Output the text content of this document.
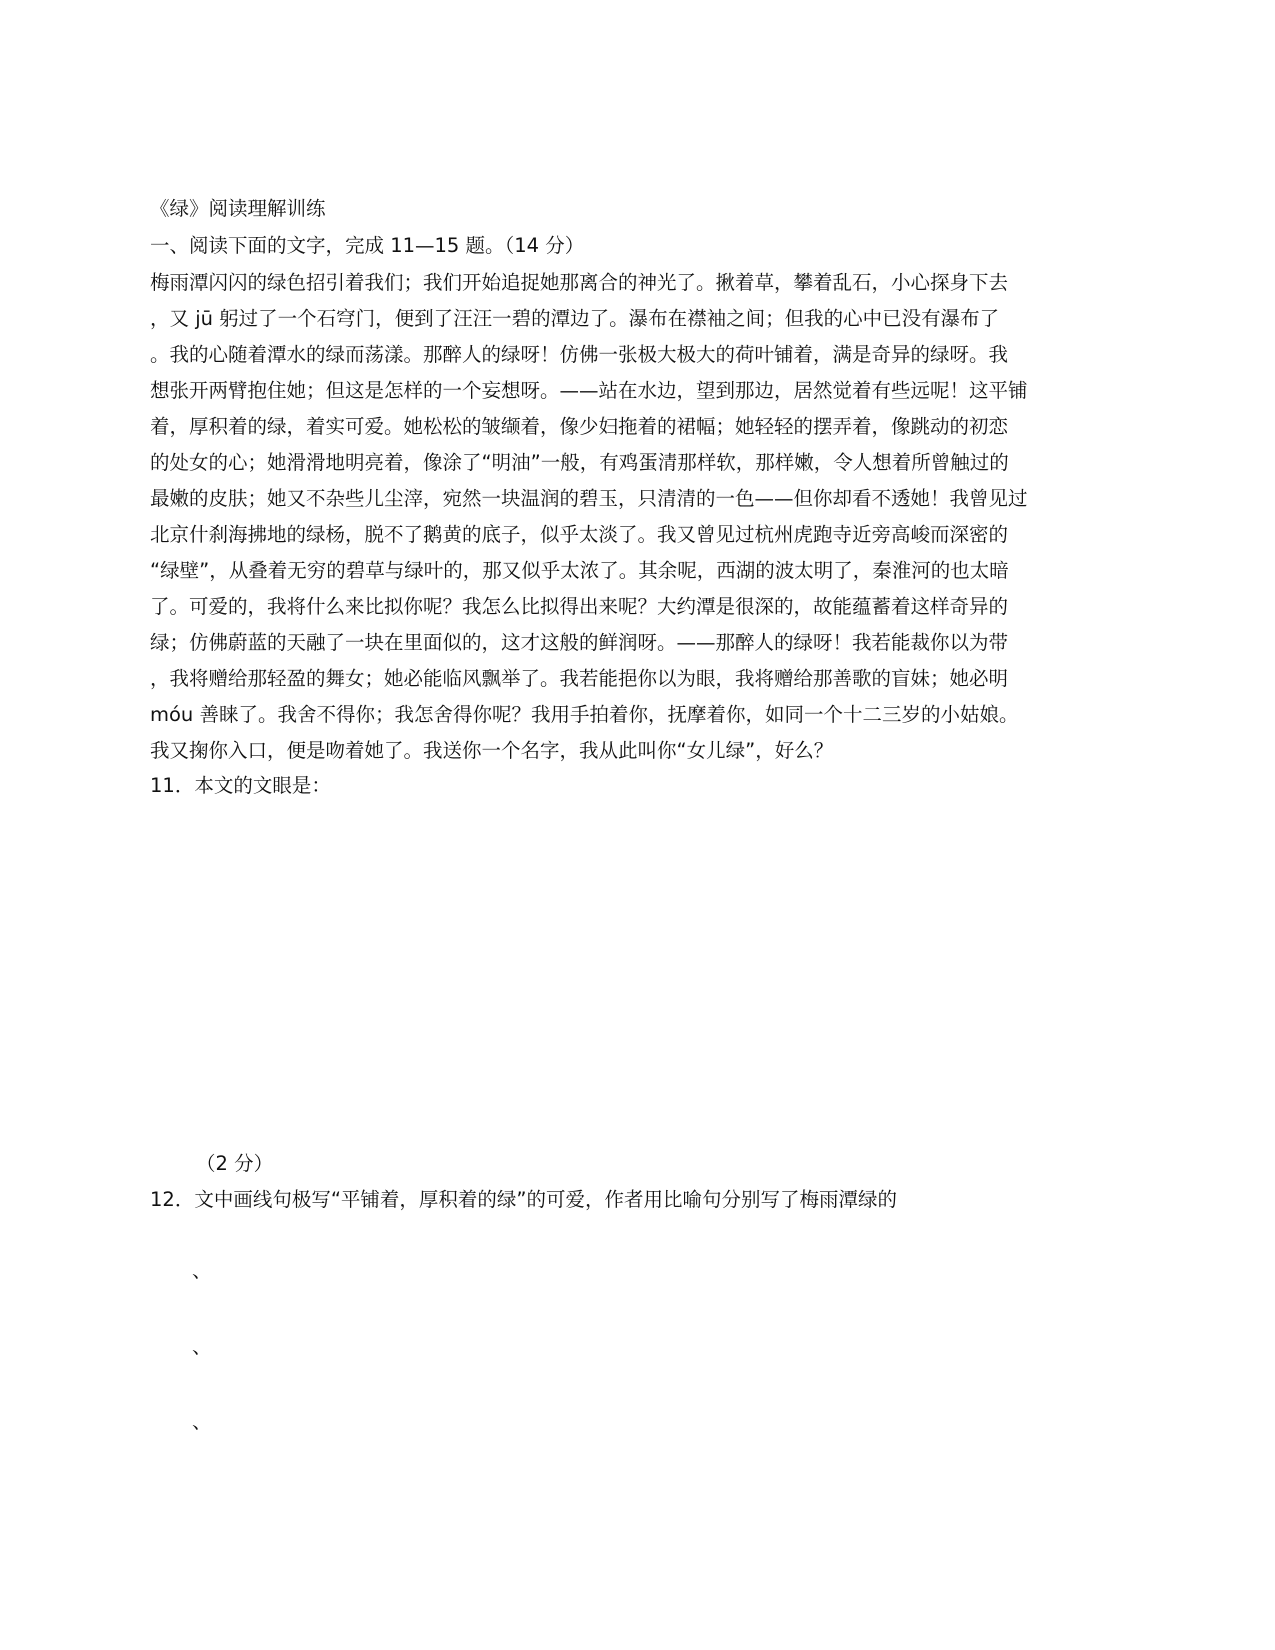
《绿》阅读理解训练
一、阅读下面的文字，完成 11—15 题。（14 分）
梅雨潭闪闪的绿色招引着我们；我们开始追捉她那离合的神光了。揪着草，攀着乱石，小心探身下去
，又 jū 躬过了一个石穹门，便到了汪汪一碧的潭边了。瀑布在襟袖之间；但我的心中已没有瀑布了
。我的心随着潭水的绿而荡漾。那醉人的绿呀！仿佛一张极大极大的荷叶铺着，满是奇异的绿呀。我
想张开两臂抱住她；但这是怎样的一个妄想呀。——站在水边，望到那边，居然觉着有些远呢！这平铺
着，厚积着的绿，着实可爱。她松松的皱缬着，像少妇拖着的裙幅；她轻轻的摆弄着，像跳动的初恋
的处女的心；她滑滑地明亮着，像涂了“明油”一般，有鸡蛋清那样软，那样嫩，令人想着所曾触过的
最嫩的皮肤；她又不杂些儿尘滓，宛然一块温润的碧玉，只清清的一色——但你却看不透她！我曾见过
北京什刹海拂地的绿杨，脱不了鹅黄的底子，似乎太淡了。我又曾见过杭州虎跑寺近旁高峻而深密的
“绿壁”，从叠着无穷的碧草与绿叶的，那又似乎太浓了。其余呢，西湖的波太明了，秦淮河的也太暗
了。可爱的，我将什么来比拟你呢？我怎么比拟得出来呢？大约潭是很深的，故能蕴蓄着这样奇异的
绿；仿佛蔚蓝的天融了一块在里面似的，这才这般的鲜润呀。——那醉人的绿呀！我若能裁你以为带
，我将赠给那轻盈的舞女；她必能临风飘举了。我若能挹你以为眼，我将赠给那善歌的盲妹；她必明
móu 善睐了。我舍不得你；我怎舍得你呢？我用手拍着你，抚摩着你，如同一个十二三岁的小姑娘。
我又掬你入口，便是吻着她了。我送你一个名字，我从此叫你“女儿绿”，好么？
11．本文的文眼是：
（2 分）
12．文中画线句极写“平铺着，厚积着的绿”的可爱，作者用比喻句分别写了梅雨潭绿的
、
、
、
